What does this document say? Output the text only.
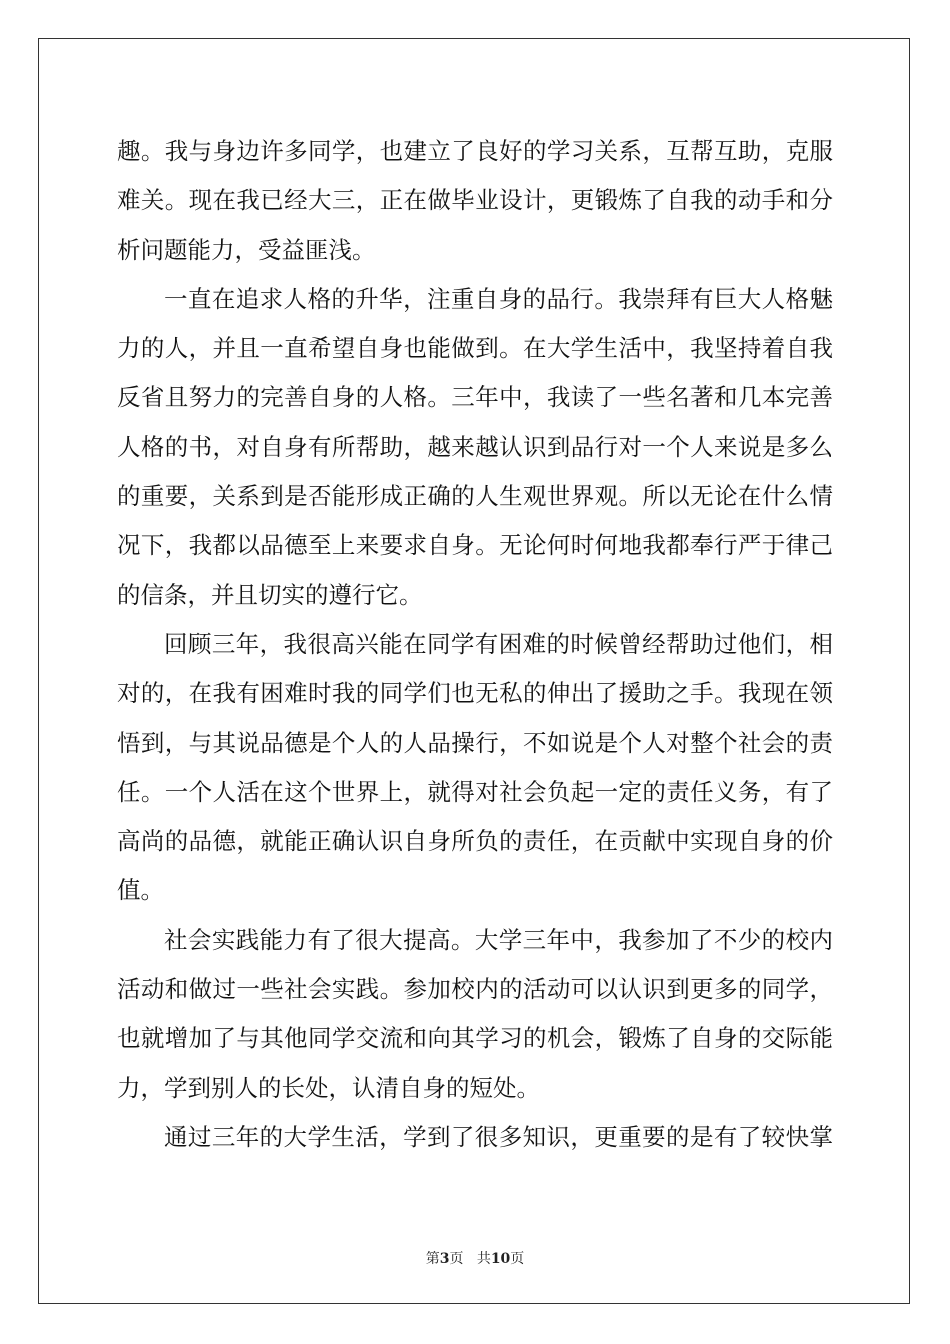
趣。我与身边许多同学，也建立了良好的学习关系，互帮互助，克服
难关。现在我已经大三，正在做毕业设计，更锻炼了自我的动手和分
析问题能力，受益匪浅。
一直在追求人格的升华，注重自身的品行。我崇拜有巨大人格魅
力的人，并且一直希望自身也能做到。在大学生活中，我坚持着自我
反省且努力的完善自身的人格。三年中，我读了一些名著和几本完善
人格的书，对自身有所帮助，越来越认识到品行对一个人来说是多么
的重要，关系到是否能形成正确的人生观世界观。所以无论在什么情
况下，我都以品德至上来要求自身。无论何时何地我都奉行严于律己
的信条，并且切实的遵行它。
回顾三年，我很高兴能在同学有困难的时候曾经帮助过他们，相
对的，在我有困难时我的同学们也无私的伸出了援助之手。我现在领
悟到，与其说品德是个人的人品操行，不如说是个人对整个社会的责
任。一个人活在这个世界上，就得对社会负起一定的责任义务，有了
高尚的品德，就能正确认识自身所负的责任，在贡献中实现自身的价
值。
社会实践能力有了很大提高。大学三年中，我参加了不少的校内
活动和做过一些社会实践。参加校内的活动可以认识到更多的同学，
也就增加了与其他同学交流和向其学习的机会，锻炼了自身的交际能
力，学到别人的长处，认清自身的短处。
通过三年的大学生活，学到了很多知识，更重要的是有了较快掌
第3页 共10页
